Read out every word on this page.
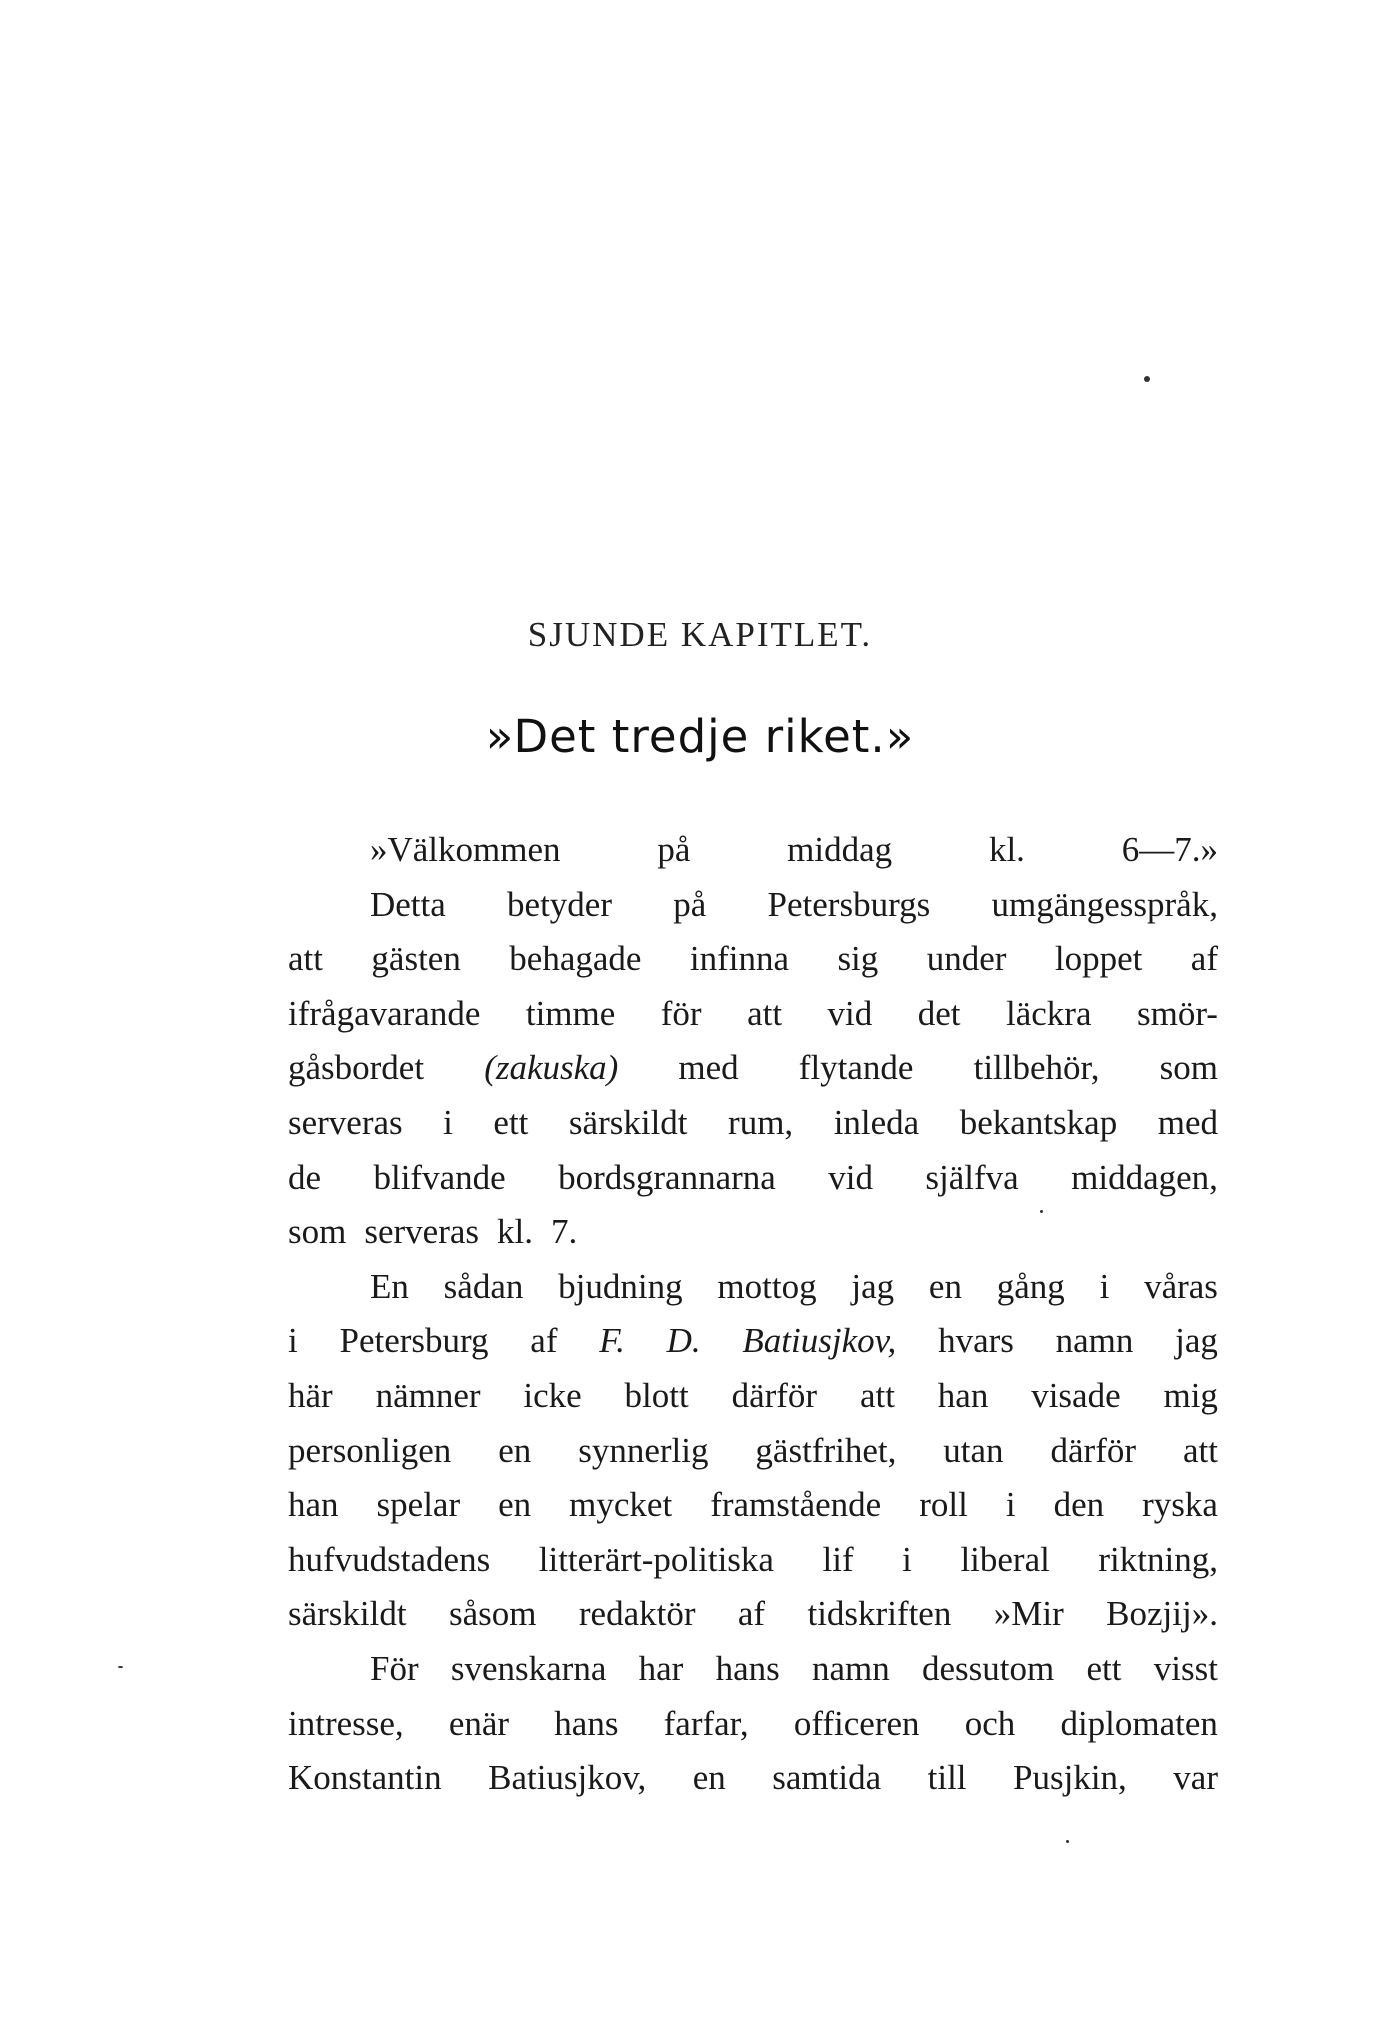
SJUNDE KAPITLET.
»Det tredje riket.»
»Välkommen	på	middag	kl.	6—7.»
Detta betyder på Petersburgs umgängesspråk,
att gästen behagade infinna sig under loppet af
ifrågavarande timme för att vid det läckra smör-
gåsbordet (zakuska) med flytande tillbehör, som
serveras i ett särskildt rum, inleda bekantskap med
de blifvande bordsgrannarna vid själfva middagen,
som serveras kl. 7.
En sådan bjudning mottog jag en gång i våras
i Petersburg af F. D. Batiusjkov, hvars namn jag
här nämner icke blott därför att han visade mig
personligen en synnerlig gästfrihet, utan därför att
han spelar en mycket framstående roll i den ryska
hufvudstadens litterärt-politiska lif i liberal riktning,
särskildt såsom redaktör af tidskriften »Mir Bozjij».
För svenskarna har hans namn dessutom ett visst
intresse, enär hans farfar, officeren och diplomaten
Konstantin Batiusjkov, en samtida till Pusjkin, var
